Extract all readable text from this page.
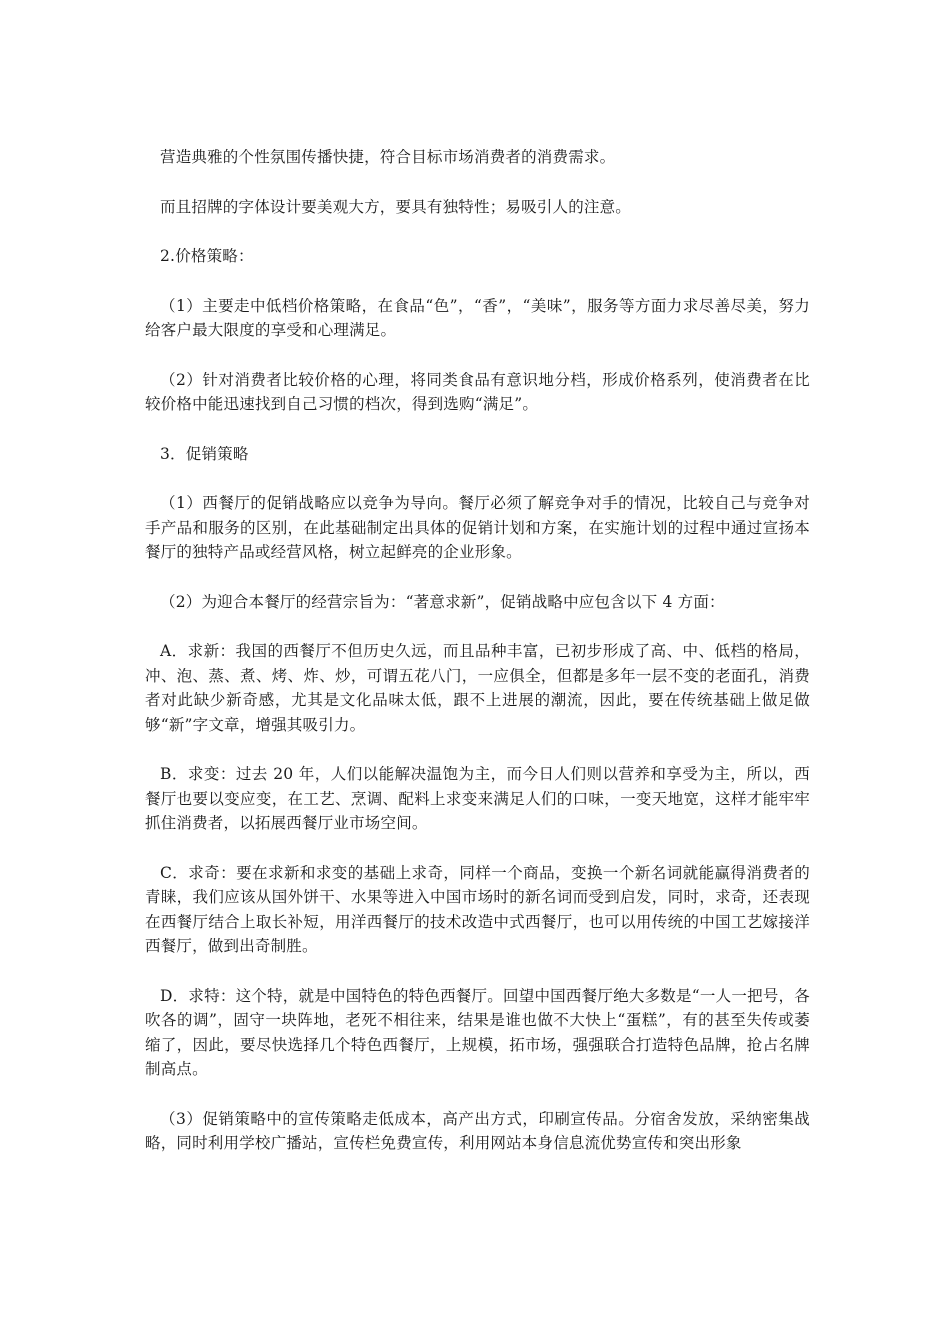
营造典雅的个性氛围传播快捷，符合目标市场消费者的消费需求。

而且招牌的字体设计要美观大方，要具有独特性；易吸引人的注意。

2.价格策略：

（1）主要走中低档价格策略，在食品“色”，“香”，“美味”，服务等方面力求尽善尽美，努力给客户最大限度的享受和心理满足。

（2）针对消费者比较价格的心理，将同类食品有意识地分档，形成价格系列，使消费者在比较价格中能迅速找到自己习惯的档次，得到选购“满足”。

3．促销策略

（1）西餐厅的促销战略应以竞争为导向。餐厅必须了解竞争对手的情况，比较自己与竞争对手产品和服务的区别，在此基础制定出具体的促销计划和方案，在实施计划的过程中通过宣扬本餐厅的独特产品或经营风格，树立起鲜亮的企业形象。

（2）为迎合本餐厅的经营宗旨为：“著意求新”，促销战略中应包含以下 4 方面：

A．求新：我国的西餐厅不但历史久远，而且品种丰富，已初步形成了高、中、低档的格局，冲、泡、蒸、煮、烤、炸、炒，可谓五花八门，一应俱全，但都是多年一层不变的老面孔，消费者对此缺少新奇感，尤其是文化品味太低，跟不上进展的潮流，因此，要在传统基础上做足做够“新”字文章，增强其吸引力。

B．求变：过去 20 年，人们以能解决温饱为主，而今日人们则以营养和享受为主，所以，西餐厅也要以变应变，在工艺、烹调、配料上求变来满足人们的口味，一变天地宽，这样才能牢牢抓住消费者，以拓展西餐厅业市场空间。

C．求奇：要在求新和求变的基础上求奇，同样一个商品，变换一个新名词就能赢得消费者的青睐，我们应该从国外饼干、水果等进入中国市场时的新名词而受到启发，同时，求奇，还表现在西餐厅结合上取长补短，用洋西餐厅的技术改造中式西餐厅，也可以用传统的中国工艺嫁接洋西餐厅，做到出奇制胜。

D．求特：这个特，就是中国特色的特色西餐厅。回望中国西餐厅绝大多数是“一人一把号，各吹各的调”，固守一块阵地，老死不相往来，结果是谁也做不大快上“蛋糕”，有的甚至失传或萎缩了，因此，要尽快选择几个特色西餐厅，上规模，拓市场，强强联合打造特色品牌，抢占名牌制高点。

（3）促销策略中的宣传策略走低成本，高产出方式，印刷宣传品。分宿舍发放，采纳密集战略，同时利用学校广播站，宣传栏免费宣传，利用网站本身信息流优势宣传和突出形象
